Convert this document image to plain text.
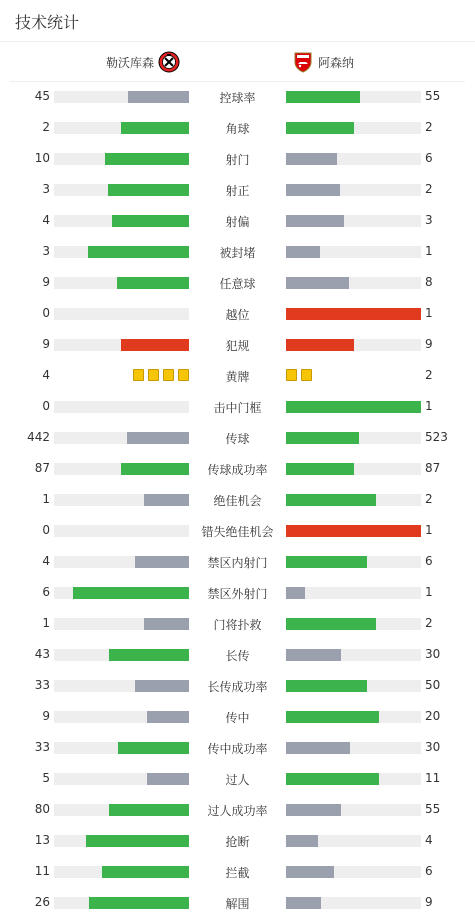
技术统计
勒沃库森	阿森纳
45	控球率	55
2	角球	2
10	射门	6
3	射正	2
4	射偏	3
3	被封堵	1
9	任意球	8
0	越位	1
9	犯规	9
4	黄牌	2
0	击中门框	1
442	传球	523
87	传球成功率	87
1	绝佳机会	2
0	错失绝佳机会	1
4	禁区内射门	6
6	禁区外射门	1
1	门将扑救	2
43	长传	30
33	长传成功率	50
9	传中	20
33	传中成功率	30
5	过人	11
80	过人成功率	55
13	抢断	4
11	拦截	6
26	解围	9
